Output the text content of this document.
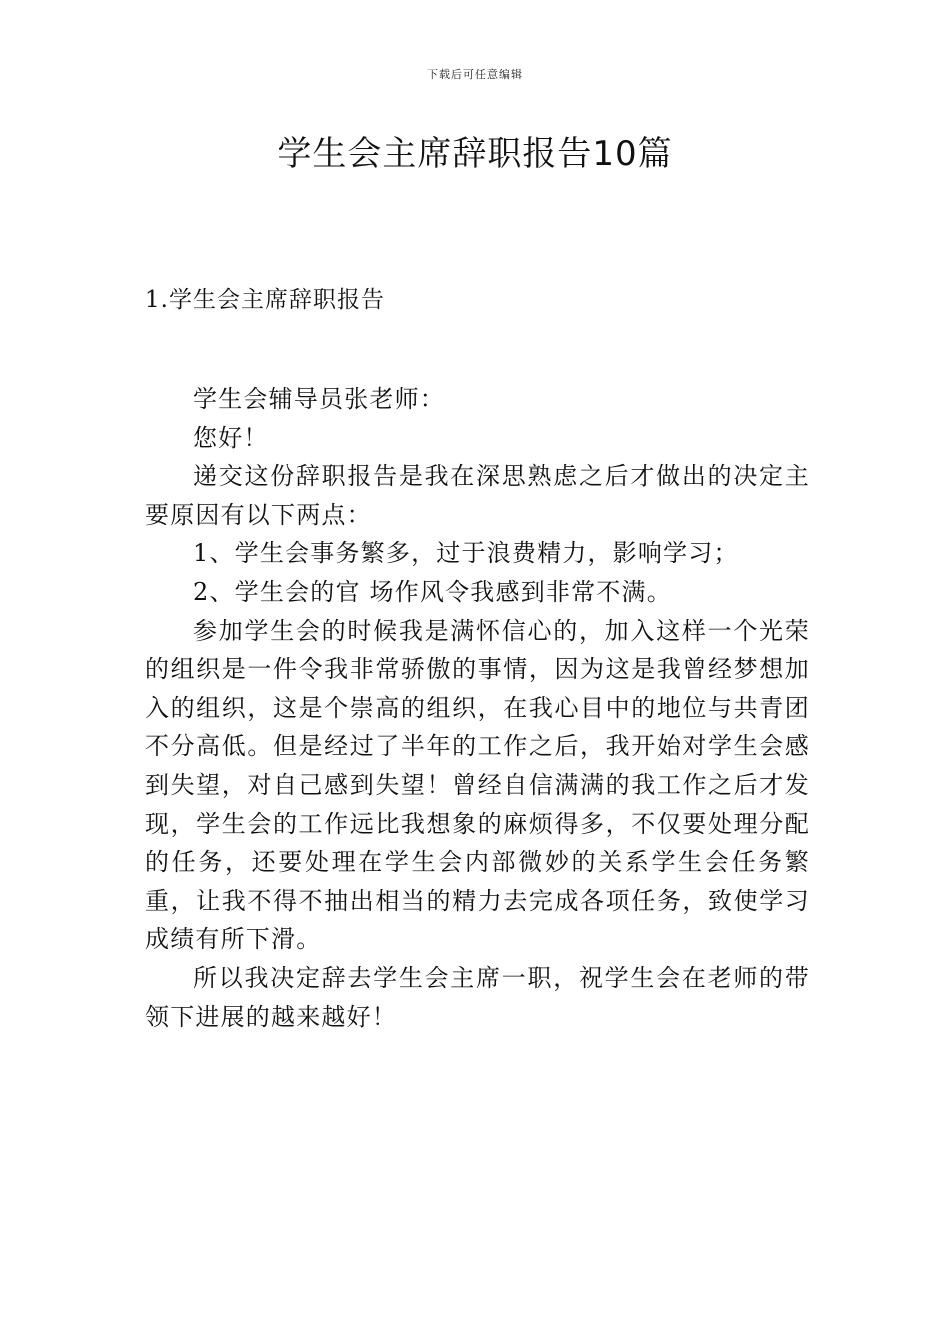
下载后可任意编辑
学生会主席辞职报告10篇
1.学生会主席辞职报告

学生会辅导员张老师：

您好！

递交这份辞职报告是我在深思熟虑之后才做出的决定主要原因有以下两点：

1、学生会事务繁多，过于浪费精力，影响学习；

2、学生会的官 场作风令我感到非常不满。

参加学生会的时候我是满怀信心的，加入这样一个光荣的组织是一件令我非常骄傲的事情，因为这是我曾经梦想加入的组织，这是个崇高的组织，在我心目中的地位与共青团不分高低。但是经过了半年的工作之后，我开始对学生会感到失望，对自己感到失望！曾经自信满满的我工作之后才发现，学生会的工作远比我想象的麻烦得多，不仅要处理分配的任务，还要处理在学生会内部微妙的关系学生会任务繁重，让我不得不抽出相当的精力去完成各项任务，致使学习成绩有所下滑。

所以我决定辞去学生会主席一职，祝学生会在老师的带领下进展的越来越好！
